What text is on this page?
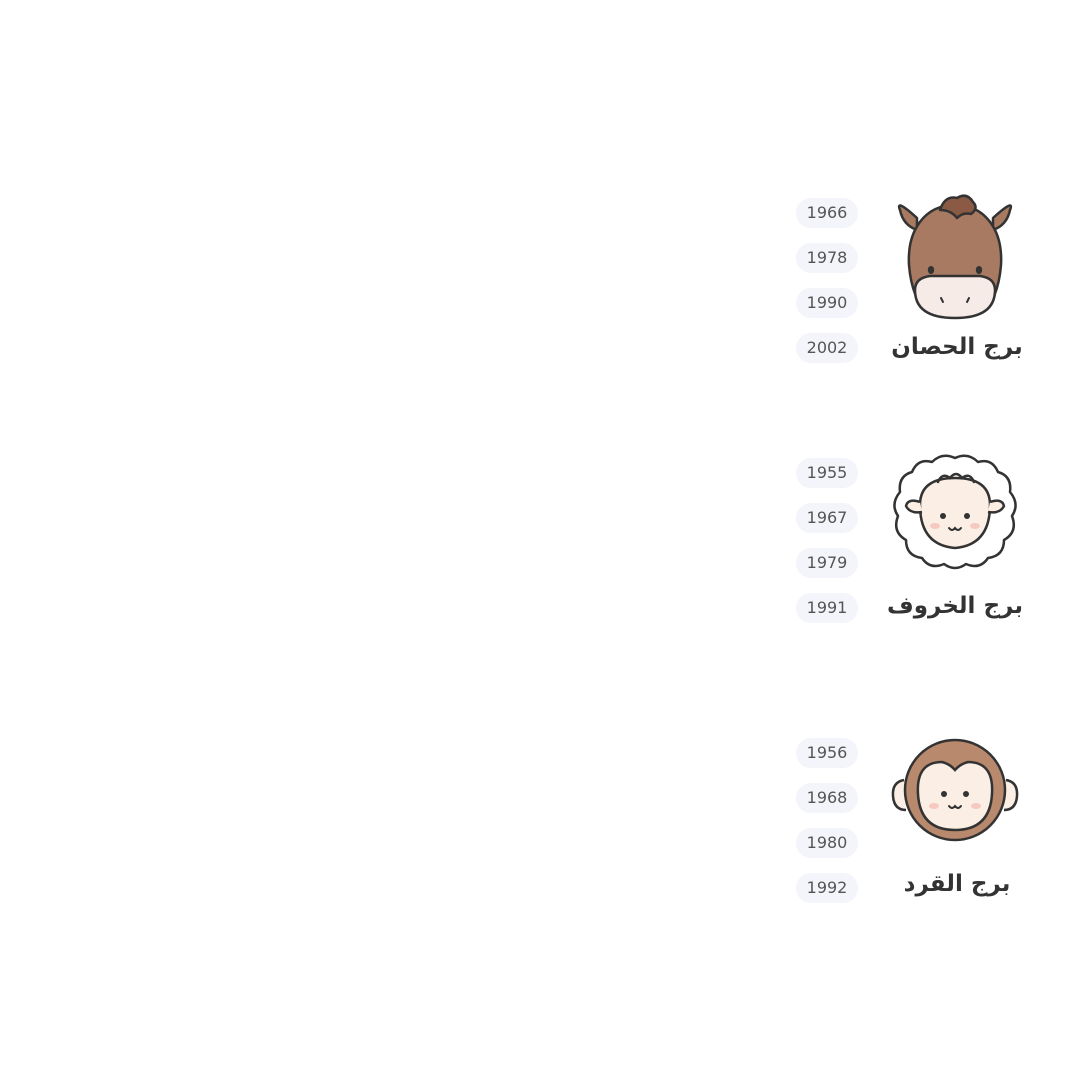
برج الحصان
1966
1978
1990
2002
برج الخروف
1955
1967
1979
1991
برج القرد
1956
1968
1980
1992
